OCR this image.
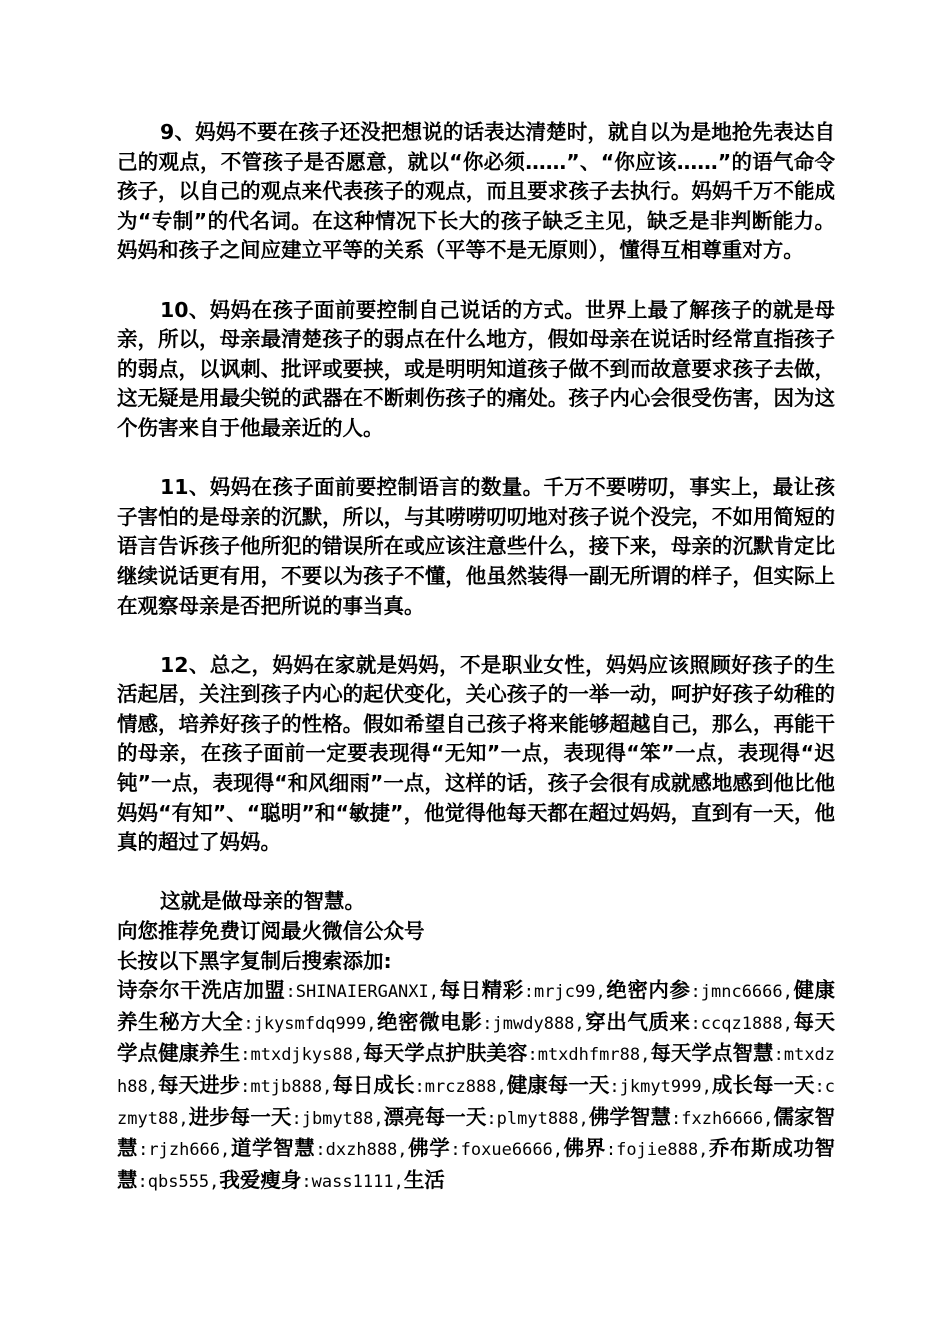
9、妈妈不要在孩子还没把想说的话表达清楚时，就自以为是地抢先表达自己的观点，不管孩子是否愿意，就以“你必须……”、“你应该……”的语气命令孩子，以自己的观点来代表孩子的观点，而且要求孩子去执行。妈妈千万不能成为“专制”的代名词。在这种情况下长大的孩子缺乏主见，缺乏是非判断能力。妈妈和孩子之间应建立平等的关系（平等不是无原则），懂得互相尊重对方。

10、妈妈在孩子面前要控制自己说话的方式。世界上最了解孩子的就是母亲，所以，母亲最清楚孩子的弱点在什么地方，假如母亲在说话时经常直指孩子的弱点，以讽刺、批评或要挟，或是明明知道孩子做不到而故意要求孩子去做，这无疑是用最尖锐的武器在不断刺伤孩子的痛处。孩子内心会很受伤害，因为这个伤害来自于他最亲近的人。

11、妈妈在孩子面前要控制语言的数量。千万不要唠叨，事实上，最让孩子害怕的是母亲的沉默，所以，与其唠唠叨叨地对孩子说个没完，不如用简短的语言告诉孩子他所犯的错误所在或应该注意些什么，接下来，母亲的沉默肯定比继续说话更有用，不要以为孩子不懂，他虽然装得一副无所谓的样子，但实际上在观察母亲是否把所说的事当真。

12、总之，妈妈在家就是妈妈，不是职业女性，妈妈应该照顾好孩子的生活起居，关注到孩子内心的起伏变化，关心孩子的一举一动，呵护好孩子幼稚的情感，培养好孩子的性格。假如希望自己孩子将来能够超越自己，那么，再能干的母亲，在孩子面前一定要表现得“无知”一点，表现得“笨”一点，表现得“迟钝”一点，表现得“和风细雨”一点，这样的话，孩子会很有成就感地感到他比他妈妈“有知”、“聪明”和“敏捷”，他觉得他每天都在超过妈妈，直到有一天，他真的超过了妈妈。

这就是做母亲的智慧。

向您推荐免费订阅最火微信公众号

长按以下黑字复制后搜索添加:

诗奈尔干洗店加盟:SHINAIERGANXI,每日精彩:mrjc99,绝密内参:jmnc6666,健康养生秘方大全:jkysmfdq999,绝密微电影:jmwdy888,穿出气质来:ccqz1888,每天学点健康养生:mtxdjkys88,每天学点护肤美容:mtxdhfmr88,每天学点智慧:mtxdzh88,每天进步:mtjb888,每日成长:mrcz888,健康每一天:jkmyt999,成长每一天:czmyt88,进步每一天:jbmyt88,漂亮每一天:plmyt888,佛学智慧:fxzh6666,儒家智慧:rjzh666,道学智慧:dxzh888,佛学:foxue6666,佛界:fojie888,乔布斯成功智慧:qbs555,我爱瘦身:wass1111,生活
